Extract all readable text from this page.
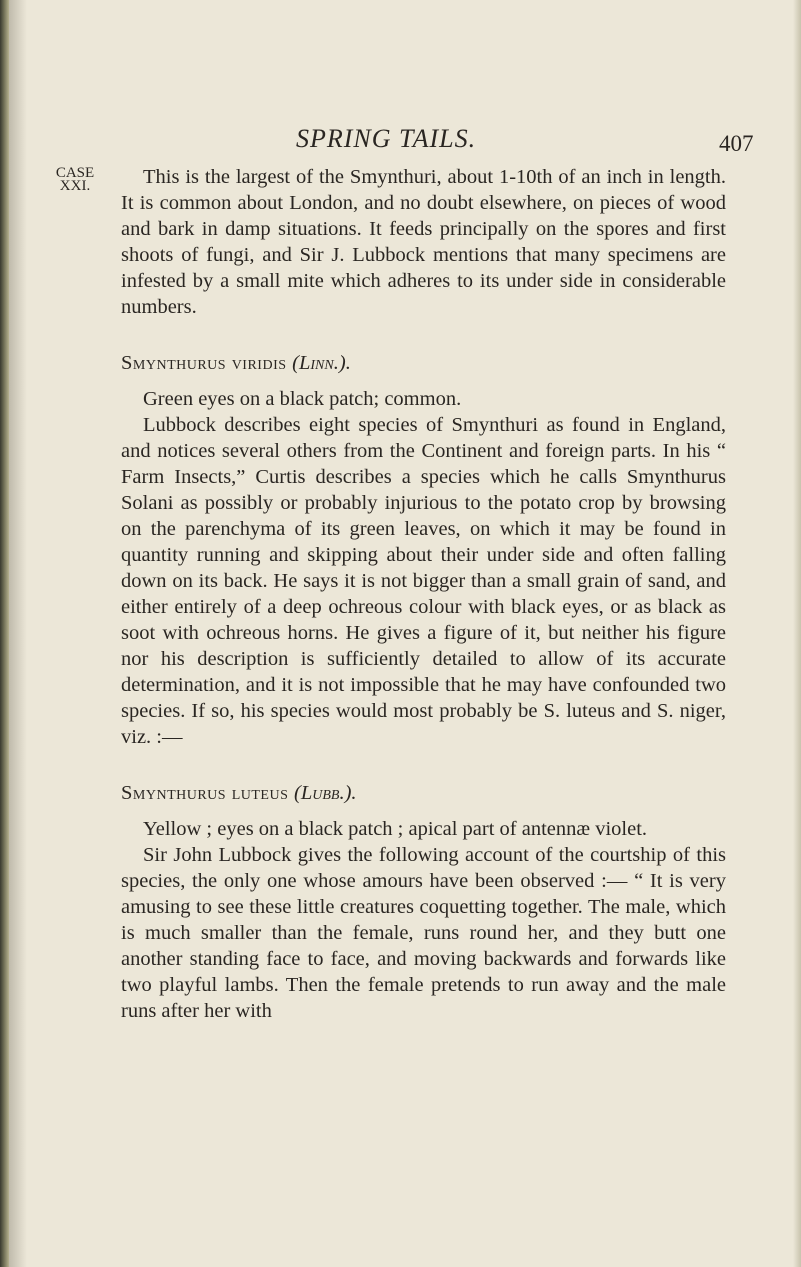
SPRING TAILS.	407
CASE
XXI.	This is the largest of the Smynthuri, about 1-10th of an inch in length. It is common about London, and no doubt elsewhere, on pieces of wood and bark in damp situations. It feeds principally on the spores and first shoots of fungi, and Sir J. Lubbock mentions that many specimens are infested by a small mite which adheres to its under side in considerable numbers.

Smynthurus viridis (Linn.).

Green eyes on a black patch; common.

Lubbock describes eight species of Smynthuri as found in England, and notices several others from the Continent and foreign parts. In his “ Farm Insects,” Curtis describes a species which he calls Smynthurus Solani as possibly or probably injurious to the potato crop by browsing on the parenchyma of its green leaves, on which it may be found in quantity running and skipping about their under side and often falling down on its back. He says it is not bigger than a small grain of sand, and either entirely of a deep ochreous colour with black eyes, or as black as soot with ochreous horns. He gives a figure of it, but neither his figure nor his description is sufficiently detailed to allow of its accurate determination, and it is not impossible that he may have confounded two species. If so, his species would most probably be S. luteus and S. niger, viz. :—

Smynthurus luteus (Lubb.).

Yellow ; eyes on a black patch ; apical part of antennæ violet.

Sir John Lubbock gives the following account of the courtship of this species, the only one whose amours have been observed :— “ It is very amusing to see these little creatures coquetting together. The male, which is much smaller than the female, runs round her, and they butt one another standing face to face, and moving backwards and forwards like two playful lambs. Then the female pretends to run away and the male runs after her with
